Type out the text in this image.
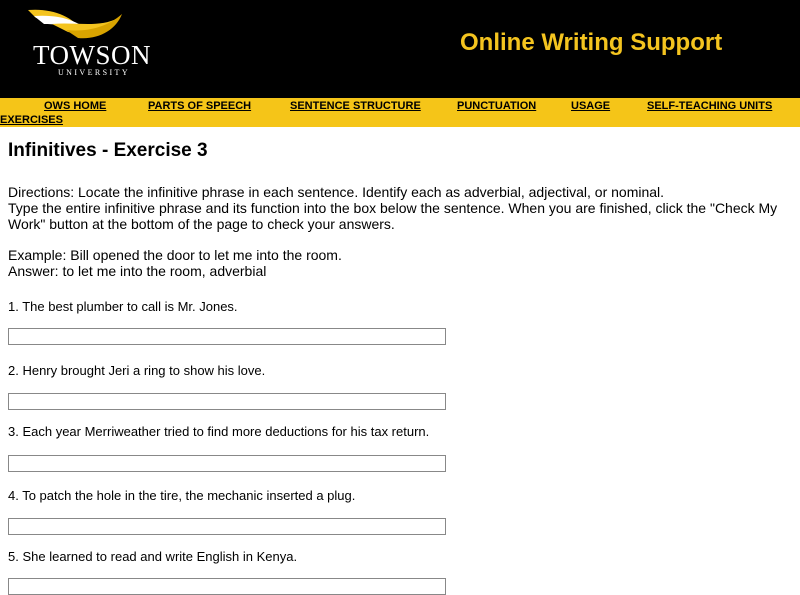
TOWSON
UNIVERSITY
Online Writing Support
OWS HOME	PARTS OF SPEECH	SENTENCE STRUCTURE	PUNCTUATION	USAGE	SELF-TEACHING UNITS
EXERCISES
Infinitives - Exercise 3
Directions: Locate the infinitive phrase in each sentence. Identify each as adverbial, adjectival, or nominal.
Type the entire infinitive phrase and its function into the box below the sentence. When you are finished, click the "Check My Work" button at the bottom of the page to check your answers.
Example: Bill opened the door to let me into the room.
Answer: to let me into the room, adverbial

1. The best plumber to call is Mr. Jones.

2. Henry brought Jeri a ring to show his love.

3. Each year Merriweather tried to find more deductions for his tax return.

4. To patch the hole in the tire, the mechanic inserted a plug.

5. She learned to read and write English in Kenya.
